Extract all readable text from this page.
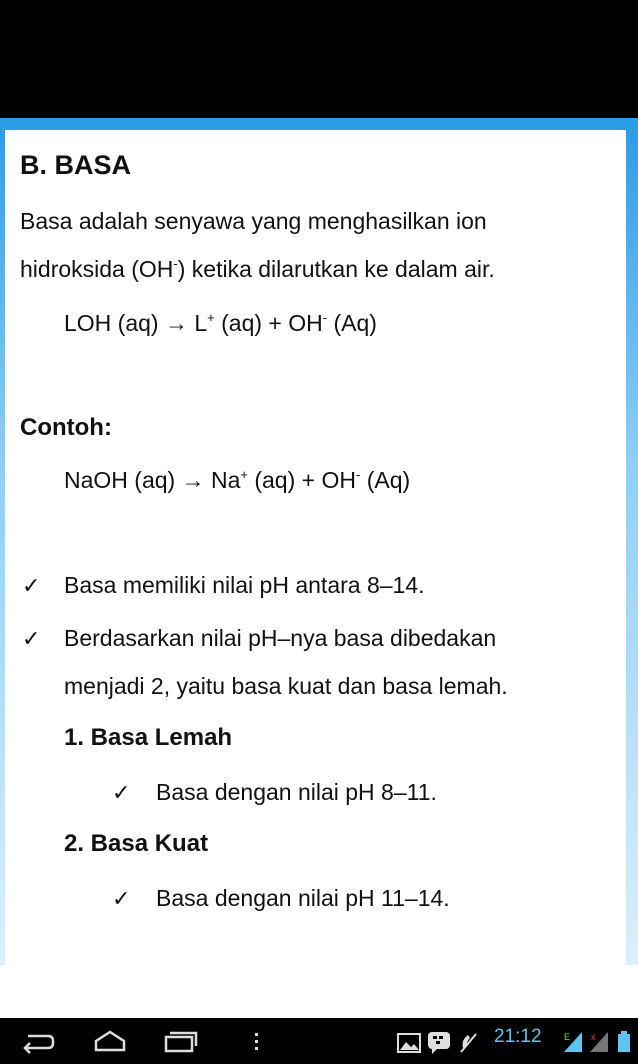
B. BASA
Basa adalah senyawa yang menghasilkan ion
hidroksida (OH-) ketika dilarutkan ke dalam air.
LOH (aq) → L+ (aq) + OH- (Aq)
Contoh:
NaOH (aq) → Na+ (aq) + OH- (Aq)
✓ Basa memiliki nilai pH antara 8–14.
✓ Berdasarkan nilai pH–nya basa dibedakan
menjadi 2, yaitu basa kuat dan basa lemah.
1. Basa Lemah
✓ Basa dengan nilai pH 8–11.
2. Basa Kuat
✓ Basa dengan nilai pH 11–14.
21:12 E x
